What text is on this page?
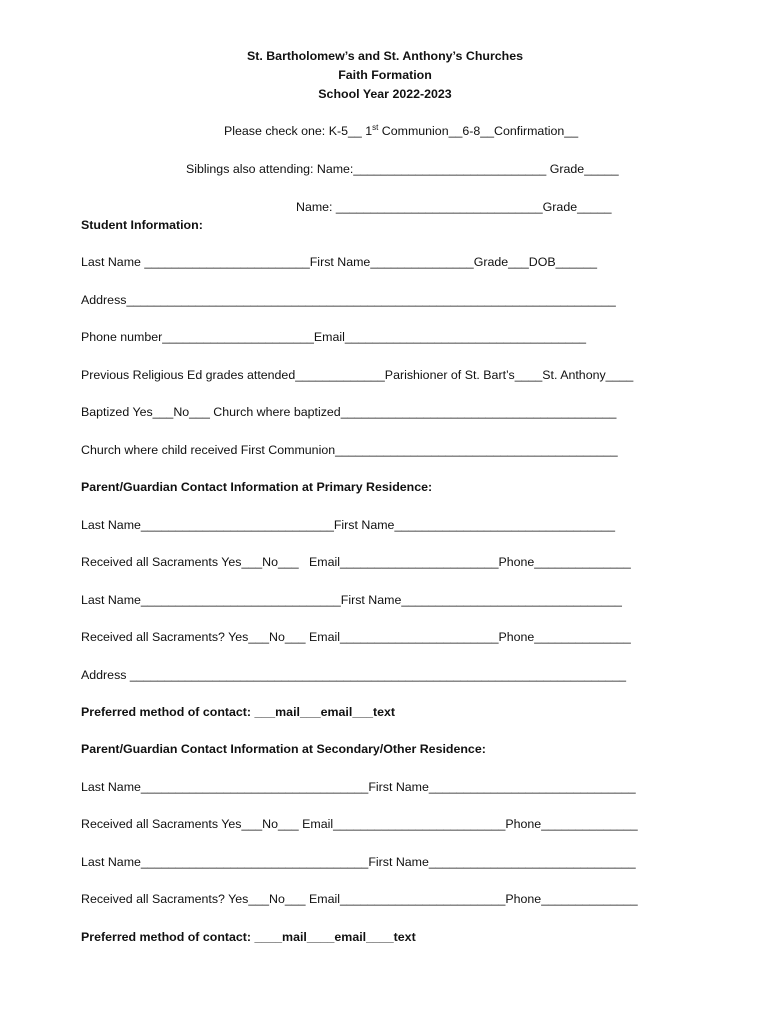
St. Bartholomew’s and St. Anthony’s Churches
Faith Formation
School Year 2022-2023
Please check one: K-5__ 1st Communion__6-8__Confirmation__
Siblings also attending: Name:____________________________ Grade_____
Name: ______________________________Grade_____
Student Information:
Last Name ________________________First Name_______________Grade___DOB______
Address_______________________________________________________________________
Phone number______________________Email___________________________________
Previous Religious Ed grades attended_____________Parishioner of St. Bart’s____St. Anthony____
Baptized Yes___No___ Church where baptized________________________________________
Church where child received First Communion_________________________________________
Parent/Guardian Contact Information at Primary Residence:
Last Name____________________________First Name________________________________
Received all Sacraments Yes___No___   Email_______________________Phone______________
Last Name_____________________________First Name________________________________
Received all Sacraments? Yes___No___ Email_______________________Phone______________
Address ________________________________________________________________________
Preferred method of contact: ___mail___email___text
Parent/Guardian Contact Information at Secondary/Other Residence:
Last Name_________________________________First Name______________________________
Received all Sacraments Yes___No___ Email_________________________Phone______________
Last Name_________________________________First Name______________________________
Received all Sacraments? Yes___No___ Email________________________Phone______________
Preferred method of contact: ____mail____email____text
